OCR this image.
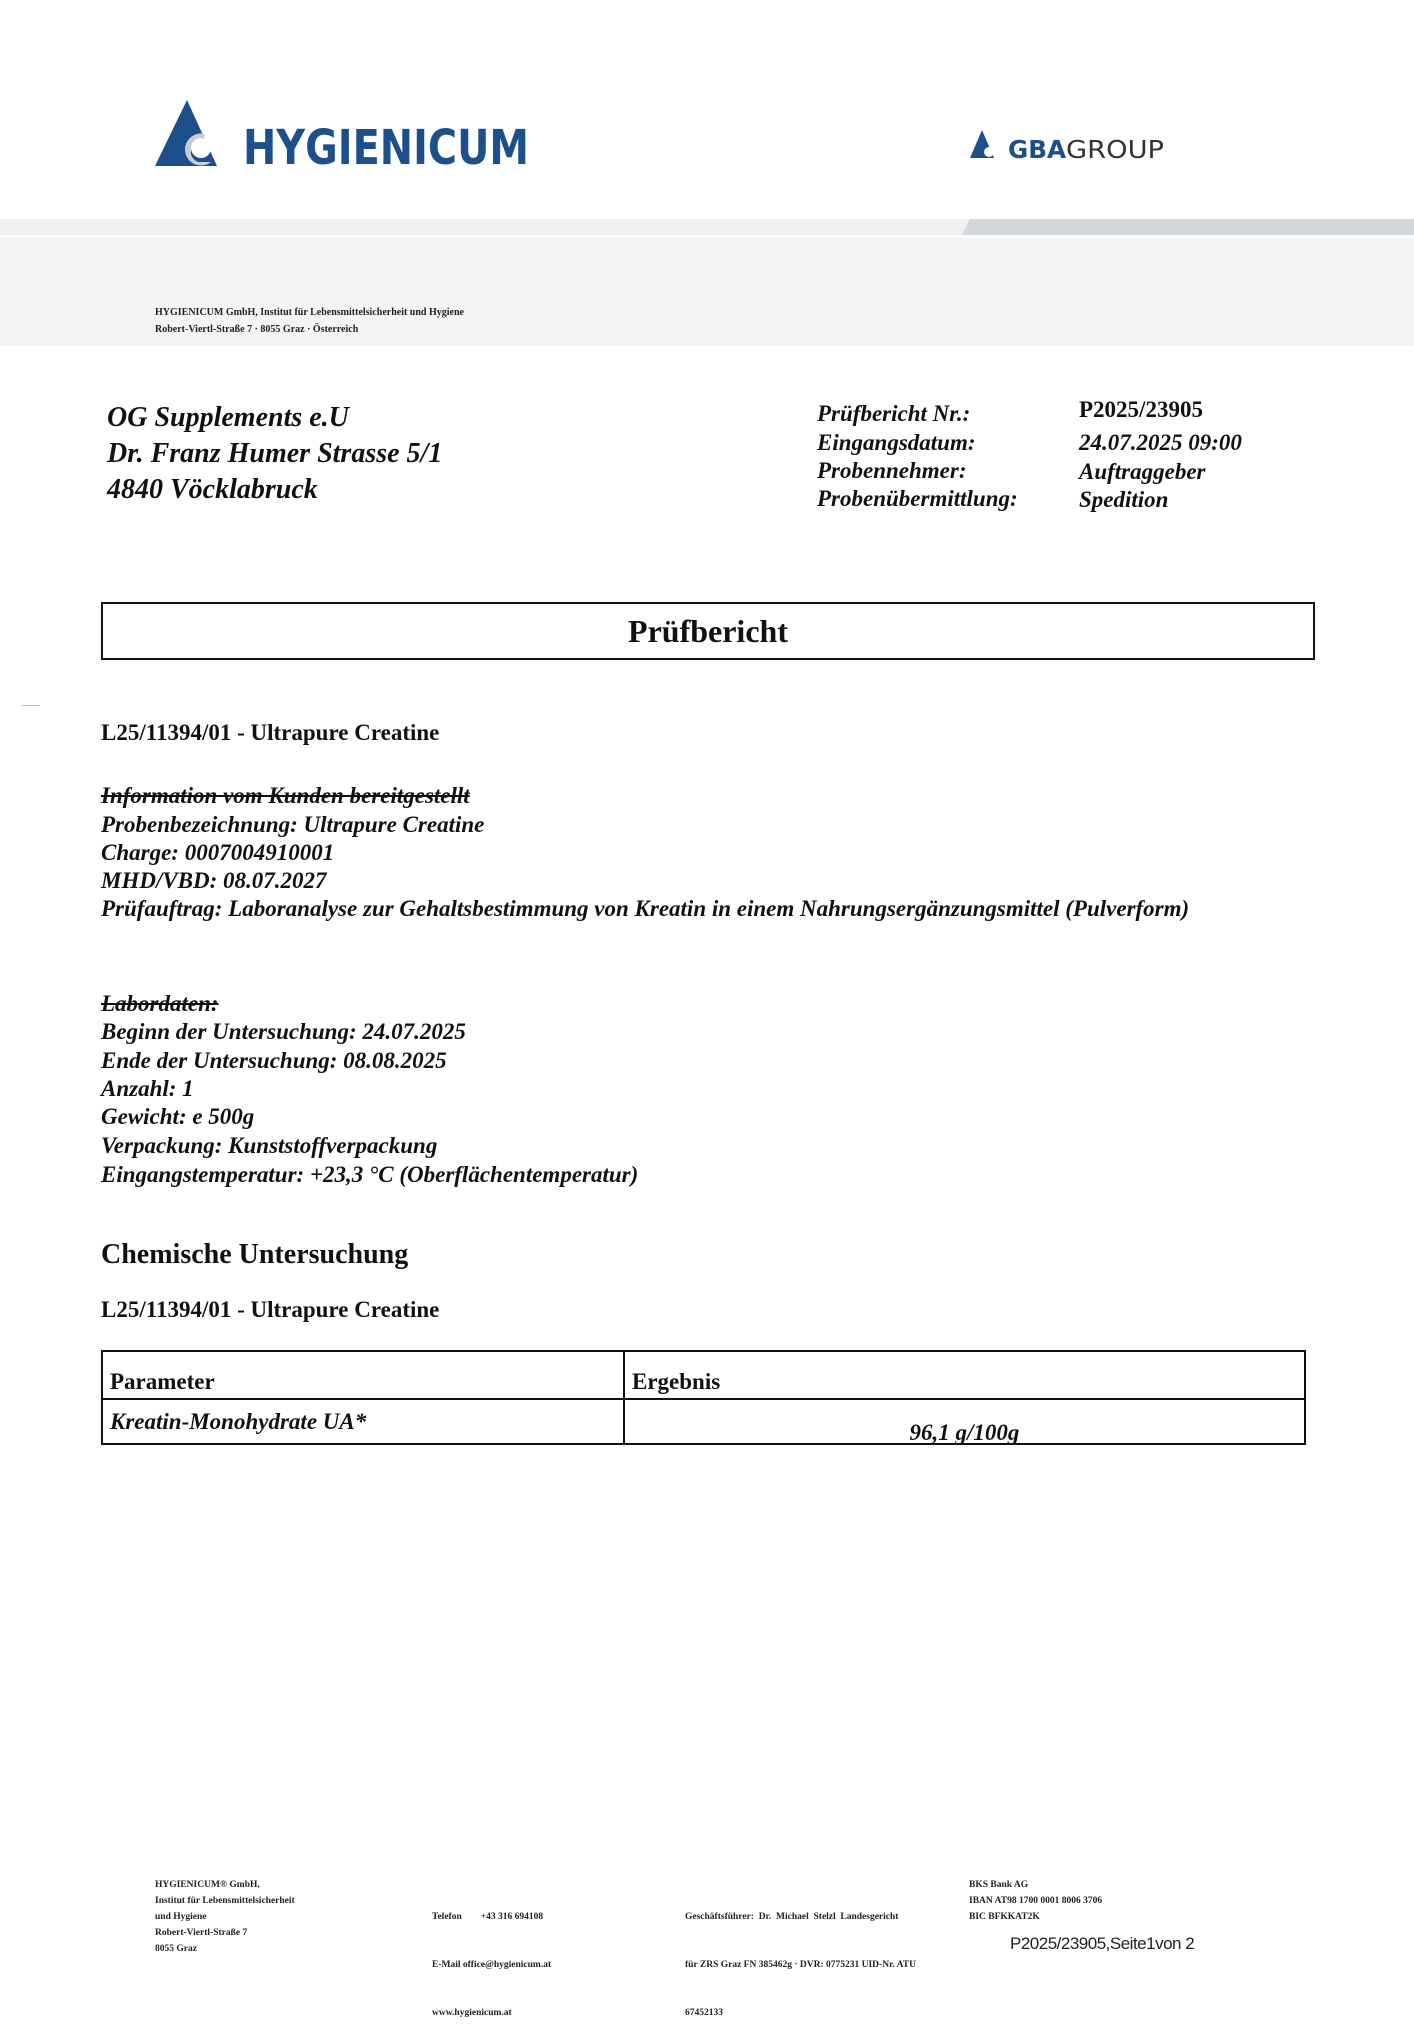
HYGIENICUM	GBA GROUP
HYGIENICUM GmbH, Institut für Lebensmittelsicherheit und Hygiene
Robert-Viertl-Straße 7 · 8055 Graz · Österreich
OG Supplements e.U
Dr. Franz Humer Strasse 5/1
4840 Vöcklabruck
Prüfbericht Nr.:	P2025/23905
Eingangsdatum:	24.07.2025 09:00
Probennehmer:	Auftraggeber
Probenübermittlung:	Spedition
Prüfbericht
L25/11394/01 - Ultrapure Creatine
Information vom Kunden bereitgestellt
Probenbezeichnung: Ultrapure Creatine
Charge: 0007004910001
MHD/VBD: 08.07.2027
Prüfauftrag: Laboranalyse zur Gehaltsbestimmung von Kreatin in einem Nahrungsergänzungsmittel (Pulverform)
Labordaten:
Beginn der Untersuchung: 24.07.2025
Ende der Untersuchung: 08.08.2025
Anzahl: 1
Gewicht: e 500g
Verpackung: Kunststoffverpackung
Eingangstemperatur: +23,3 °C (Oberflächentemperatur)
Chemische Untersuchung
L25/11394/01 - Ultrapure Creatine
Parameter	Ergebnis
Kreatin-Monohydrate UA*	96,1 g/100g
HYGIENICUM® GmbH,
Institut für Lebensmittelsicherheit
und Hygiene
Robert-Viertl-Straße 7
8055 Graz

Telefon        +43 316 694108

E-Mail office@hygienicum.at

www.hygienicum.at

Geschäftsführer:  Dr.  Michael  Stelzl  Landesgericht

für ZRS Graz FN 385462g · DVR: 0775231 UID-Nr. ATU

67452133

BKS Bank AG
IBAN AT98 1700 0001 8006 3706
BIC BFKKAT2K
P2025/23905,Seite1von 2
